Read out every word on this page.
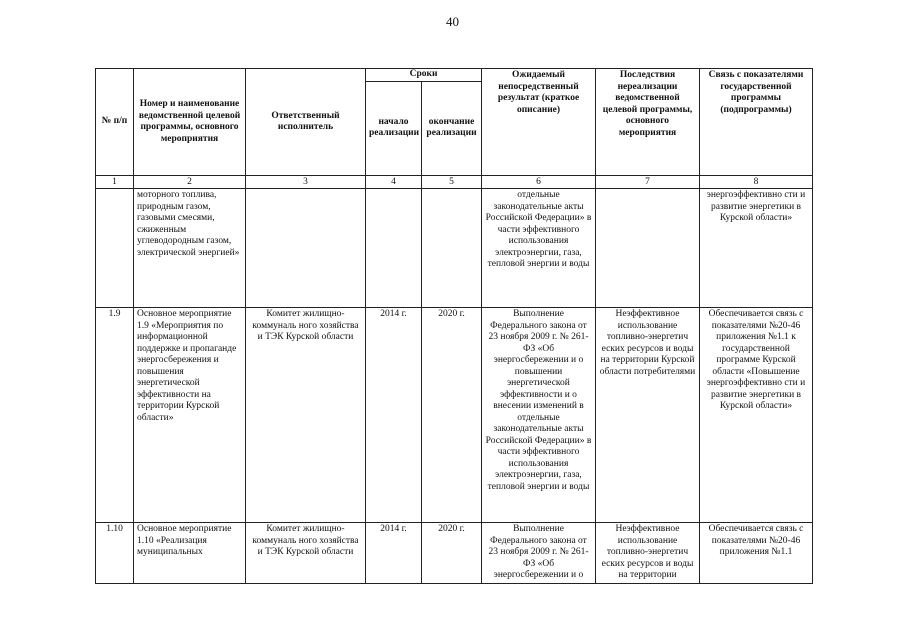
40
№ п/п	Номер и наименование ведомственной целевой программы, основного мероприятия	Ответственный исполнитель	Сроки		Ожидаемый непосредственный результат (краткое описание)	Последствия нереализации ведомственной целевой программы, основного мероприятия	Связь с показателями государственной программы (подпрограммы)
			начало реализации	окончание реализации			
1	2	3	4	5	6	7	8
	моторного топлива, природным газом, газовыми смесями, сжиженным углеводородным газом, электрической энергией»				отдельные законодательные акты Российской Федерации» в части эффективного использования электроэнергии, газа, тепловой энергии и воды		энергоэффективно сти и развитие энергетики в Курской области»
1.9	Основное мероприятие 1.9 «Мероприятия по информационной поддержке и пропаганде энергосбережения и повышения энергетической эффективности на территории Курской области»	Комитет жилищно-коммуналь ного хозяйства и ТЭК Курской области	2014 г.	2020 г.	Выполнение Федерального закона от 23 ноября 2009 г. № 261-ФЗ «Об энергосбережении и о повышении энергетической эффективности и о внесении изменений в отдельные законодательные акты Российской Федерации» в части эффективного использования электроэнергии, газа, тепловой энергии и воды	Неэффективное использование топливно-энергетич еских ресурсов и воды на территории Курской области потребителями	Обеспечивается связь с показателями №20-46 приложения №1.1 к государственной программе Курской области «Повышение энергоэффективно сти и развитие энергетики в Курской области»
1.10	Основное мероприятие 1.10 «Реализация муниципальных	Комитет жилищно-коммуналь ного хозяйства и ТЭК Курской области	2014 г.	2020 г.	Выполнение Федерального закона от 23 ноября 2009 г. № 261-ФЗ «Об энергосбережении и о	Неэффективное использование топливно-энергетич еских ресурсов и воды на территории	Обеспечивается связь с показателями №20-46 приложения №1.1
